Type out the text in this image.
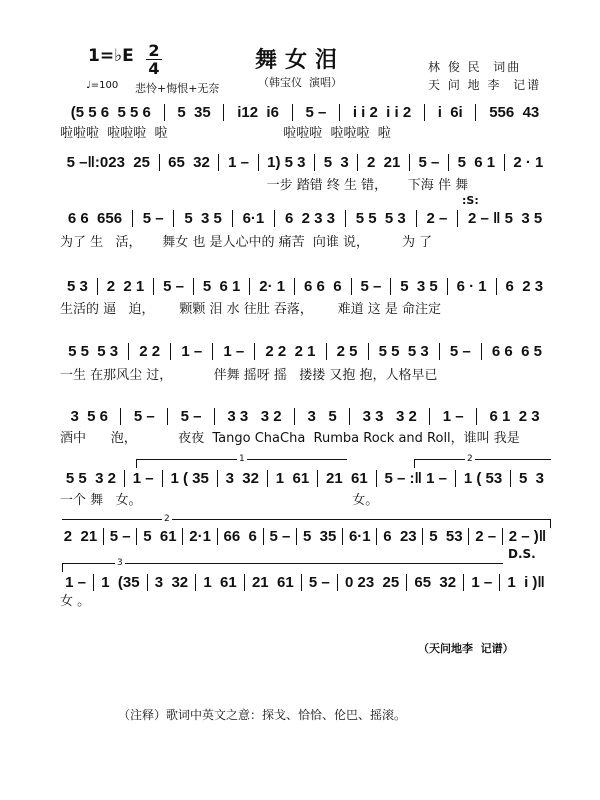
1=♭E 2
4
♩=100 悲怜+悔恨+无奈
舞女泪
（韩宝仪  演唱）
林 俊 民  词曲
天 问 地 李  记谱
(5 5 6  5 5 6	5  35	i12  i6	5 –	i i 2  i i 2	i  6i	556  43
啦啦啦  啦啦啦  啦                            啦啦啦  啦啦啦  啦
5 –‖:023  25	65  32	1 –	1) 5 3	5  3	2  21	5 –	5  6 1	2 · 1
一步 踏错 终 生 错，     下海 伴 舞
6 6  656	5 –	5  3 5	6·1	6  2 3 3	5 5  5 3	2 –	2 – ‖ 5  3 5
为了 生   活，     舞女 也 是人心中的 痛苦  向谁 说，        为 了
5 3	2  2 1	5 –	5  6 1	2· 1	6 6  6	5 –	5  3 5	6 · 1	6  2 3
生活的 逼   迫，      颗颗 泪 水 往肚 吞落，      难道 这 是 命注定
5 5  5 3	2 2	1 –	1 –	2 2  2 1	2 5	5 5  5 3	5 –	6 6  6 5
一生 在那风尘 过，          伴舞 摇呀 摇   搂搂 又抱 抱，人格早已
3  5 6	5 –	5 –	3 3   3 2	3   5	3 3   3 2	1 –	6 1  2 3
酒中      泡，          夜夜  Tango ChaCha  Rumba Rock and Roll，谁叫 我是
5 5  3 2	1 –	1 ( 35	3  32	1  61	21  61	5 – :‖ 1 –	1 ( 53	5  3
一个 舞   女。                                                   女。
2  21 5 – 5  61 2·1 66  6 5 – 5  35 6·1 6  23 5  53 2 – 2 – )‖
1 –	1  (35	3  32	1  61	21  61	5 –	0 23  25	65  32	1 –	1  i )‖
女 。
1	2
2
3
D.S.
:S:
（天问地李  记谱）
（注释）歌词中英文之意：探戈、恰恰、伦巴、摇滚。
